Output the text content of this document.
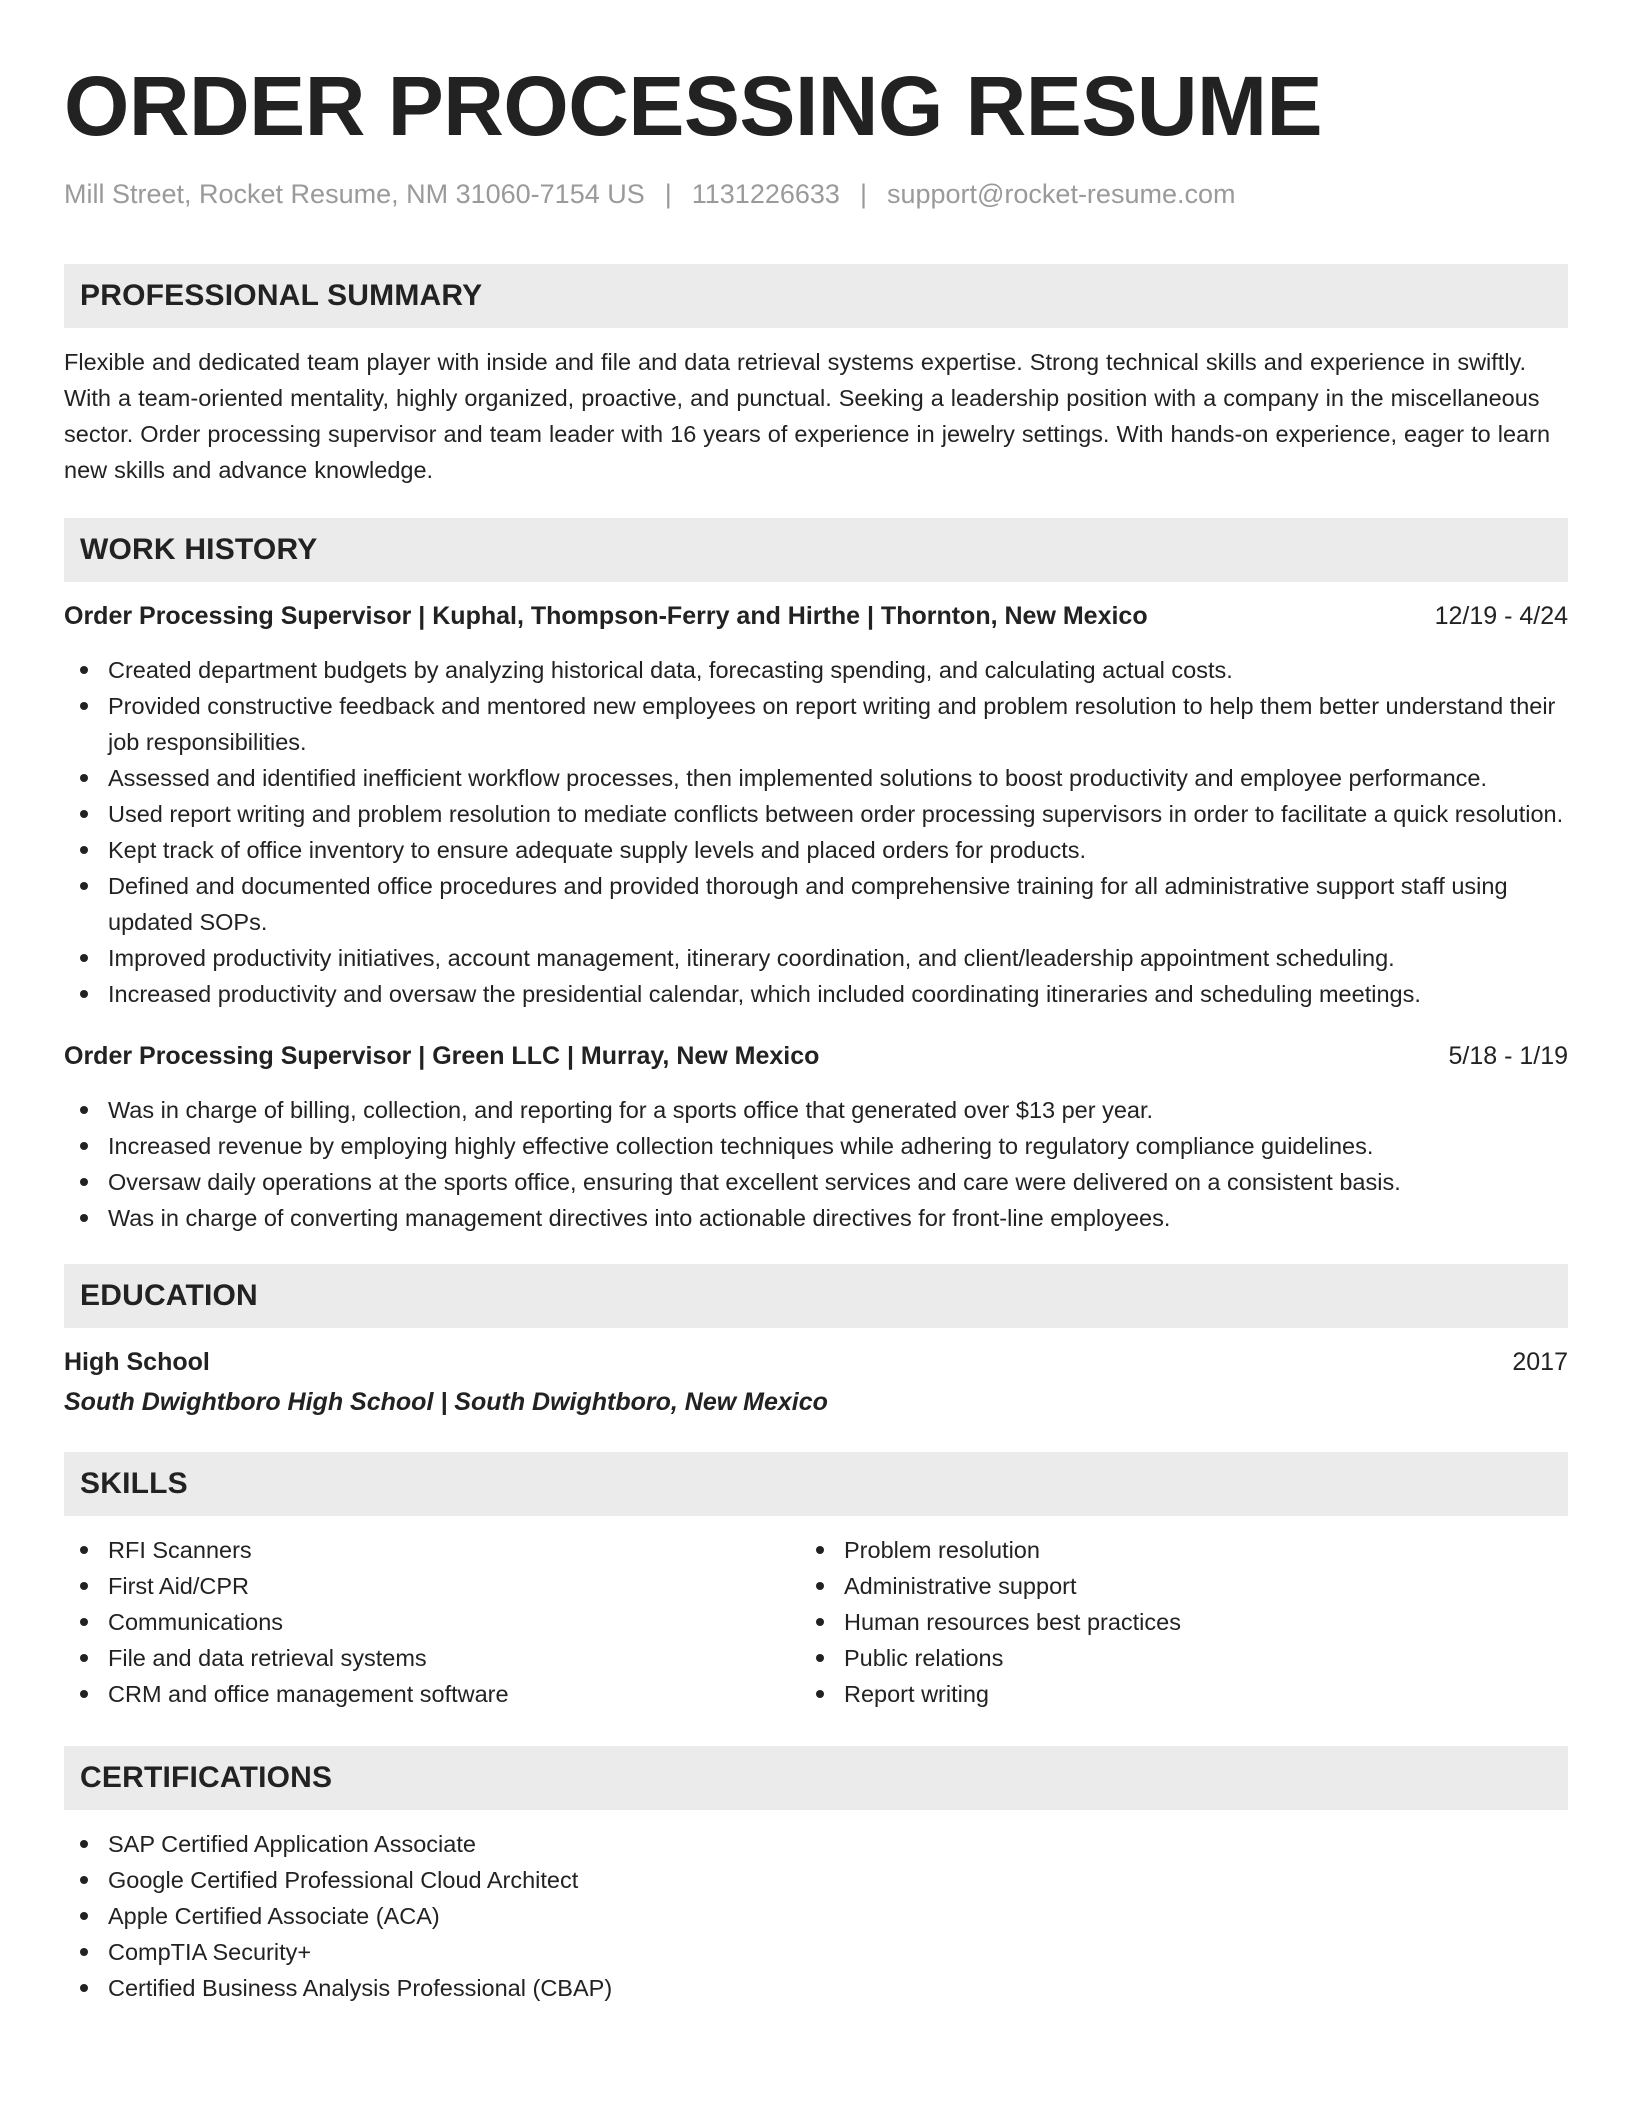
ORDER PROCESSING RESUME
Mill Street, Rocket Resume, NM 31060-7154 US | 1131226633 | support@rocket-resume.com
PROFESSIONAL SUMMARY
Flexible and dedicated team player with inside and file and data retrieval systems expertise. Strong technical skills and experience in swiftly. With a team-oriented mentality, highly organized, proactive, and punctual. Seeking a leadership position with a company in the miscellaneous sector. Order processing supervisor and team leader with 16 years of experience in jewelry settings. With hands-on experience, eager to learn new skills and advance knowledge.
WORK HISTORY
Order Processing Supervisor | Kuphal, Thompson-Ferry and Hirthe | Thornton, New Mexico	12/19 - 4/24
Created department budgets by analyzing historical data, forecasting spending, and calculating actual costs.
Provided constructive feedback and mentored new employees on report writing and problem resolution to help them better understand their job responsibilities.
Assessed and identified inefficient workflow processes, then implemented solutions to boost productivity and employee performance.
Used report writing and problem resolution to mediate conflicts between order processing supervisors in order to facilitate a quick resolution.
Kept track of office inventory to ensure adequate supply levels and placed orders for products.
Defined and documented office procedures and provided thorough and comprehensive training for all administrative support staff using updated SOPs.
Improved productivity initiatives, account management, itinerary coordination, and client/leadership appointment scheduling.
Increased productivity and oversaw the presidential calendar, which included coordinating itineraries and scheduling meetings.
Order Processing Supervisor | Green LLC | Murray, New Mexico	5/18 - 1/19
Was in charge of billing, collection, and reporting for a sports office that generated over $13 per year.
Increased revenue by employing highly effective collection techniques while adhering to regulatory compliance guidelines.
Oversaw daily operations at the sports office, ensuring that excellent services and care were delivered on a consistent basis.
Was in charge of converting management directives into actionable directives for front-line employees.
EDUCATION
High School	2017
South Dwightboro High School | South Dwightboro, New Mexico
SKILLS
RFI Scanners
First Aid/CPR
Communications
File and data retrieval systems
CRM and office management software
Problem resolution
Administrative support
Human resources best practices
Public relations
Report writing
CERTIFICATIONS
SAP Certified Application Associate
Google Certified Professional Cloud Architect
Apple Certified Associate (ACA)
CompTIA Security+
Certified Business Analysis Professional (CBAP)
